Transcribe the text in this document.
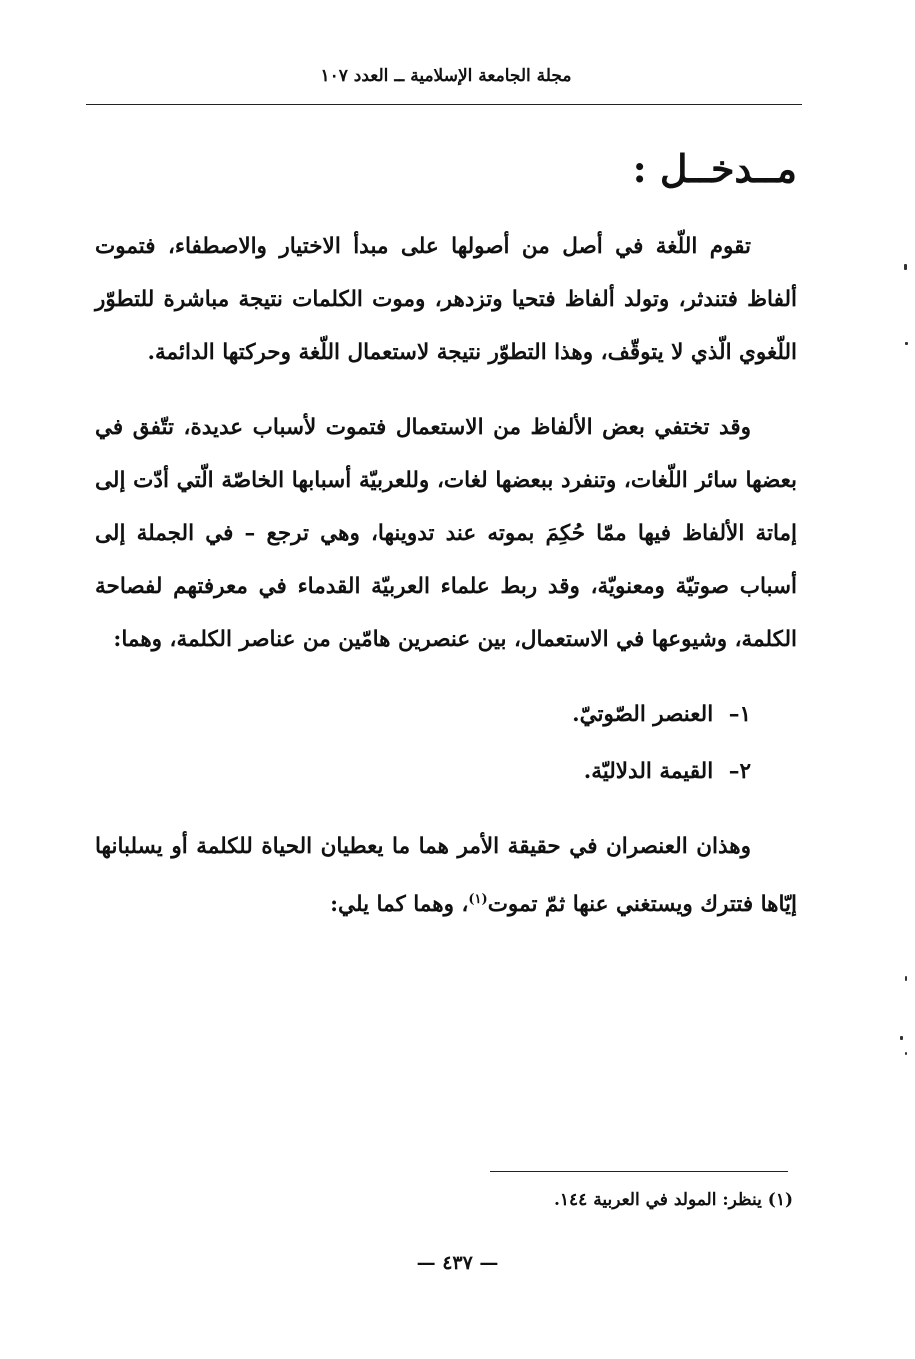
مجلة الجامعة الإسلامية ــ العدد ١٠٧
مــدخــل :

تقوم اللّغة في أصل من أصولها على مبدأ الاختيار والاصطفاء، فتموت ألفاظ فتندثر، وتولد ألفاظ فتحيا وتزدهر، وموت الكلمات نتيجة مباشرة للتطوّر اللّغوي الّذي لا يتوقّف، وهذا التطوّر نتيجة لاستعمال اللّغة وحركتها الدائمة.

وقد تختفي بعض الألفاظ من الاستعمال فتموت لأسباب عديدة، تتّفق في بعضها سائر اللّغات، وتنفرد ببعضها لغات، وللعربيّة أسبابها الخاصّة الّتي أدّت إلى إماتة الألفاظ فيها ممّا حُكِمَ بموته عند تدوينها، وهي ترجع – في الجملة إلى أسباب صوتيّة ومعنويّة، وقد ربط علماء العربيّة القدماء في معرفتهم لفصاحة الكلمة، وشيوعها في الاستعمال، بين عنصرين هامّين من عناصر الكلمة، وهما:

١– العنصر الصّوتيّ.
٢– القيمة الدلاليّة.

وهذان العنصران في حقيقة الأمر هما ما يعطيان الحياة للكلمة أو يسلبانها إيّاها فتترك ويستغني عنها ثمّ تموت$^{(١)}$، وهما كما يلي:

(١) ينظر: المولد في العربية ١٤٤.
— ٤٣٧ —
